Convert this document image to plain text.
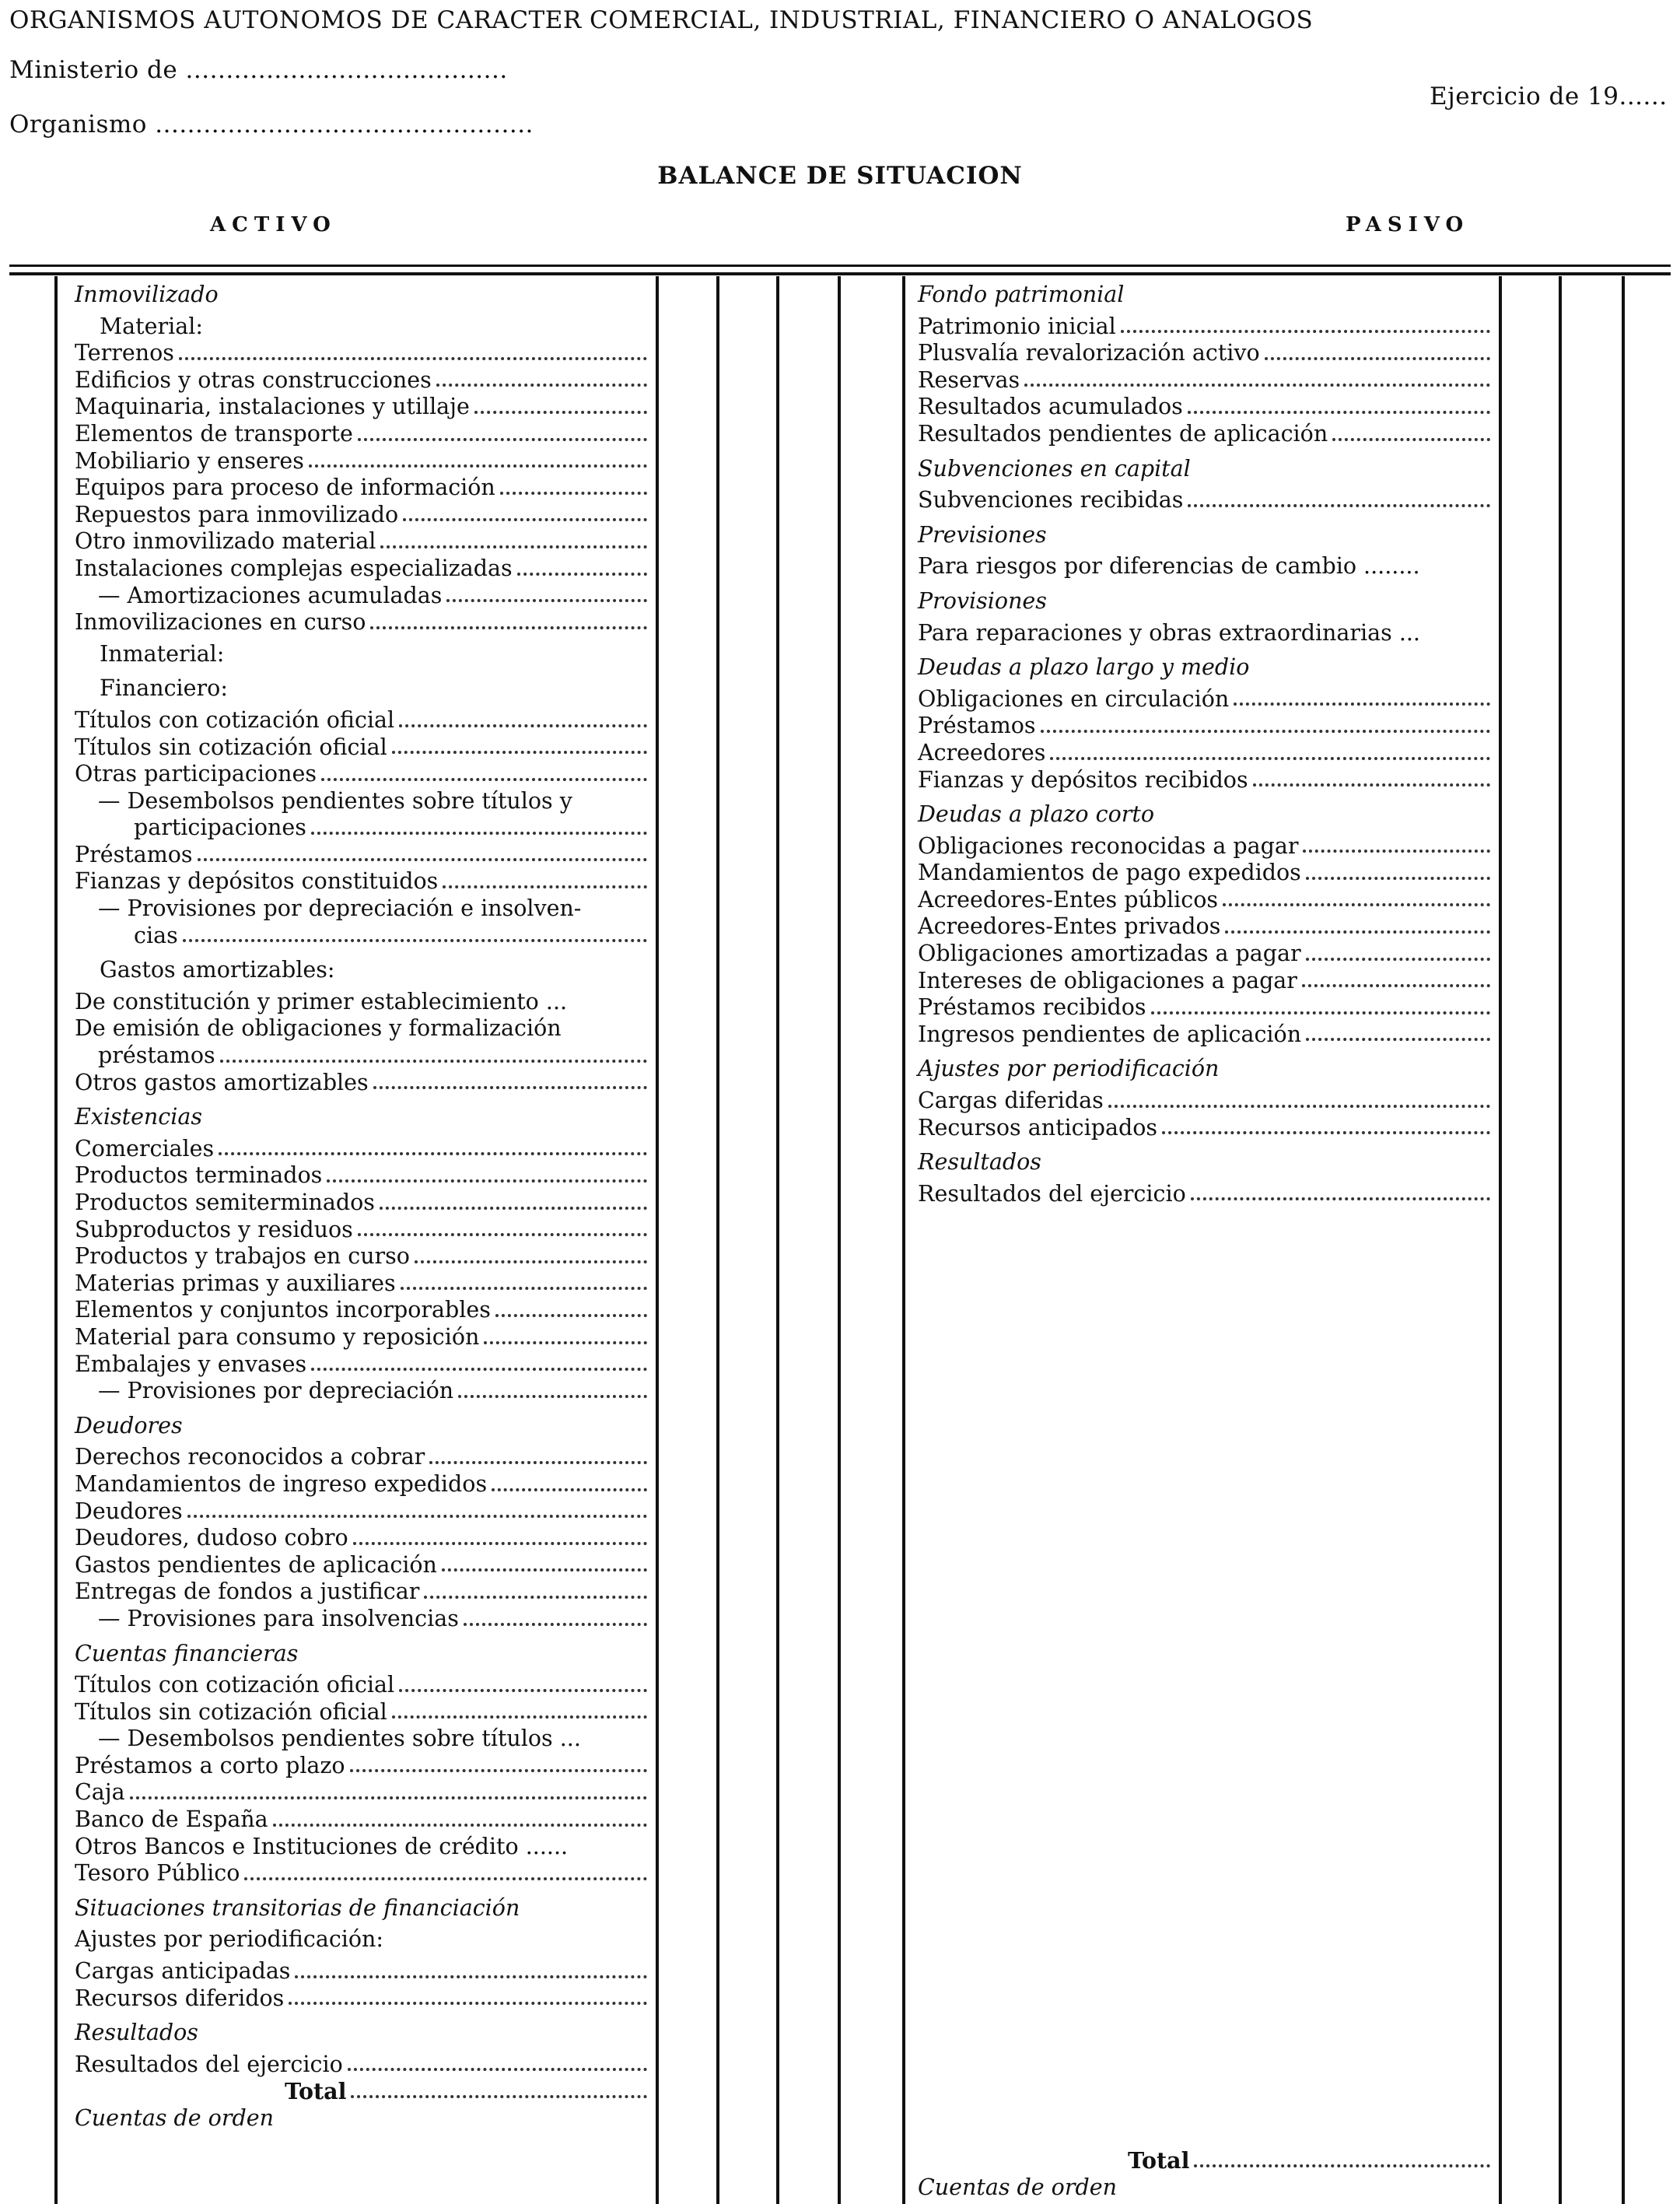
ORGANISMOS AUTONOMOS DE CARACTER COMERCIAL, INDUSTRIAL, FINANCIERO O ANALOGOS
Ministerio de ........................................
Ejercicio de 19......
Organismo ...............................................
BALANCE DE SITUACION
ACTIVO	PASIVO
Inmovilizado
Material:
Terrenos
Edificios y otras construcciones
Maquinaria, instalaciones y utillaje
Elementos de transporte
Mobiliario y enseres
Equipos para proceso de información
Repuestos para inmovilizado
Otro inmovilizado material
Instalaciones complejas especializadas
— Amortizaciones acumuladas
Inmovilizaciones en curso
Inmaterial:
Financiero:
Títulos con cotización oficial
Títulos sin cotización oficial
Otras participaciones
— Desembolsos pendientes sobre títulos y
participaciones
Préstamos
Fianzas y depósitos constituidos
— Provisiones por depreciación e insolven-
cias
Gastos amortizables:
De constitución y primer establecimiento ...
De emisión de obligaciones y formalización
préstamos
Otros gastos amortizables
Existencias
Comerciales
Productos terminados
Productos semiterminados
Subproductos y residuos
Productos y trabajos en curso
Materias primas y auxiliares
Elementos y conjuntos incorporables
Material para consumo y reposición
Embalajes y envases
— Provisiones por depreciación
Deudores
Derechos reconocidos a cobrar
Mandamientos de ingreso expedidos
Deudores
Deudores, dudoso cobro
Gastos pendientes de aplicación
Entregas de fondos a justificar
— Provisiones para insolvencias
Cuentas financieras
Títulos con cotización oficial
Títulos sin cotización oficial
— Desembolsos pendientes sobre títulos ...
Préstamos a corto plazo
Caja
Banco de España
Otros Bancos e Instituciones de crédito ......
Tesoro Público
Situaciones transitorias de financiación
Ajustes por periodificación:
Cargas anticipadas
Recursos diferidos
Resultados
Resultados del ejercicio
Total
Cuentas de orden
Fondo patrimonial
Patrimonio inicial
Plusvalía revalorización activo
Reservas
Resultados acumulados
Resultados pendientes de aplicación
Subvenciones en capital
Subvenciones recibidas
Previsiones
Para riesgos por diferencias de cambio ........
Provisiones
Para reparaciones y obras extraordinarias ...
Deudas a plazo largo y medio
Obligaciones en circulación
Préstamos
Acreedores
Fianzas y depósitos recibidos
Deudas a plazo corto
Obligaciones reconocidas a pagar
Mandamientos de pago expedidos
Acreedores-Entes públicos
Acreedores-Entes privados
Obligaciones amortizadas a pagar
Intereses de obligaciones a pagar
Préstamos recibidos
Ingresos pendientes de aplicación
Ajustes por periodificación
Cargas diferidas
Recursos anticipados
Resultados
Resultados del ejercicio
Total
Cuentas de orden
